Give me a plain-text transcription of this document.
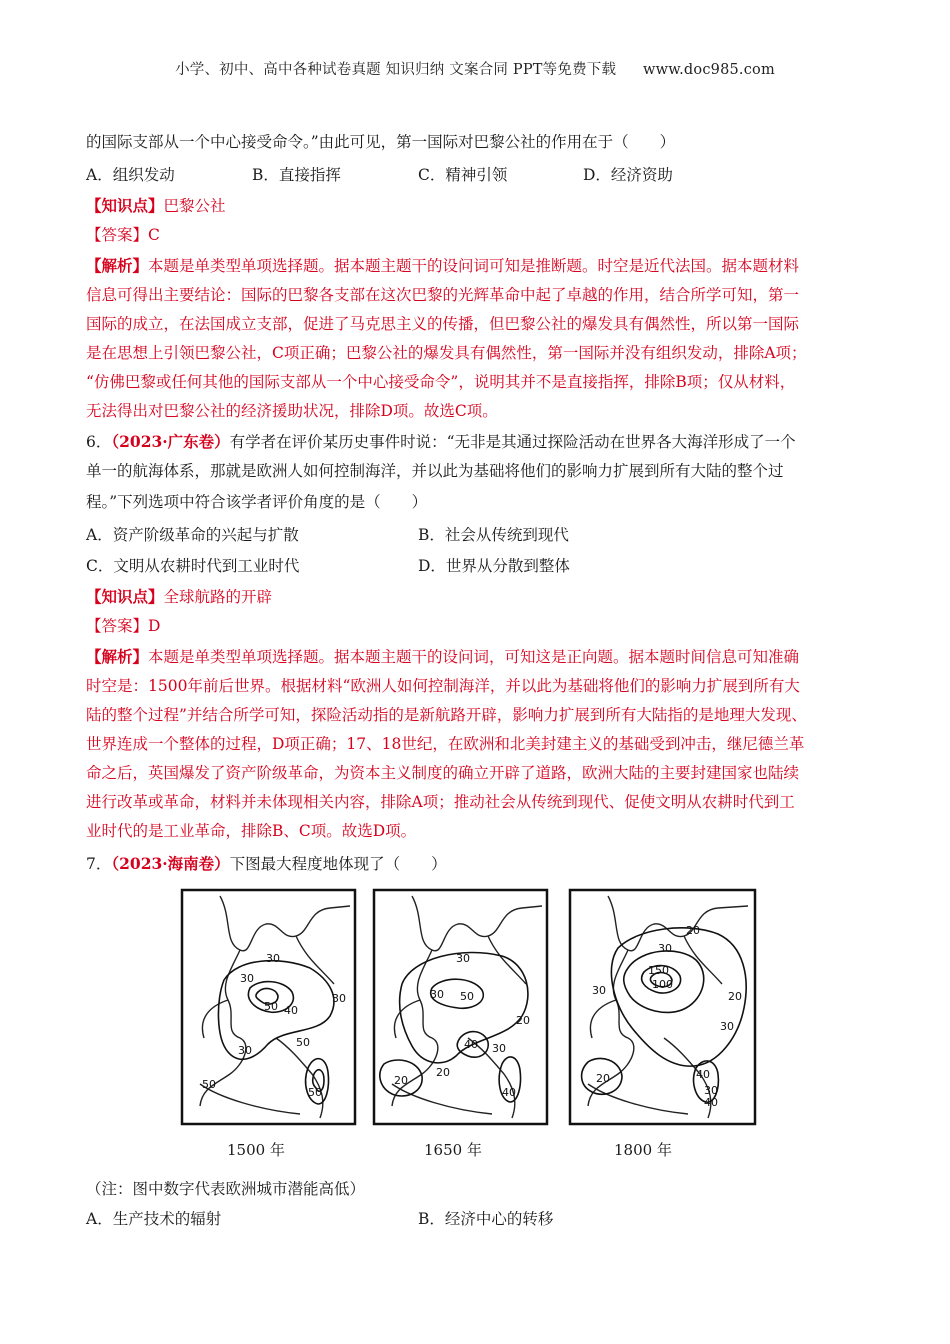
小学、初中、高中各种试卷真题 知识归纳 文案合同 PPT等免费下载 www.doc985.com
的国际支部从一个中心接受命令。”由此可见，第一国际对巴黎公社的作用在于（　　）
A．组织发动	B．直接指挥	C．精神引领	D．经济资助
【知识点】巴黎公社
【答案】C
【解析】本题是单类型单项选择题。据本题主题干的设问词可知是推断题。时空是近代法国。据本题材料
信息可得出主要结论：国际的巴黎各支部在这次巴黎的光辉革命中起了卓越的作用，结合所学可知，第一
国际的成立，在法国成立支部，促进了马克思主义的传播，但巴黎公社的爆发具有偶然性，所以第一国际
是在思想上引领巴黎公社，C项正确；巴黎公社的爆发具有偶然性，第一国际并没有组织发动，排除A项；
“仿佛巴黎或任何其他的国际支部从一个中心接受命令”，说明其并不是直接指挥，排除B项；仅从材料，
无法得出对巴黎公社的经济援助状况，排除D项。故选C项。
6．（2023·广东卷）有学者在评价某历史事件时说：“无非是其通过探险活动在世界各大海洋形成了一个
单一的航海体系，那就是欧洲人如何控制海洋，并以此为基础将他们的影响力扩展到所有大陆的整个过
程。”下列选项中符合该学者评价角度的是（　　）
A．资产阶级革命的兴起与扩散	B．社会从传统到现代
C．文明从农耕时代到工业时代	D．世界从分散到整体
【知识点】全球航路的开辟
【答案】D
【解析】本题是单类型单项选择题。据本题主题干的设问词，可知这是正向题。据本题时间信息可知准确
时空是：1500年前后世界。根据材料“欧洲人如何控制海洋，并以此为基础将他们的影响力扩展到所有大
陆的整个过程”并结合所学可知，探险活动指的是新航路开辟，影响力扩展到所有大陆指的是地理大发现、
世界连成一个整体的过程，D项正确；17、18世纪，在欧洲和北美封建主义的基础受到冲击，继尼德兰革
命之后，英国爆发了资产阶级革命，为资本主义制度的确立开辟了道路，欧洲大陆的主要封建国家也陆续
进行改革或革命，材料并未体现相关内容，排除A项；推动社会从传统到现代、促使文明从农耕时代到工
业时代的是工业革命，排除B、C项。故选D项。
7．（2023·海南卷）下图最大程度地体现了（　　）
30
30
50 40
30
50
30
50
50
30
30 50
20
40 30
20
20
40
20
30
30
150
100
20
30
20	40
30
40
1500 年	1650 年	1800 年
（注：图中数字代表欧洲城市潜能高低）
A．生产技术的辐射	B．经济中心的转移
